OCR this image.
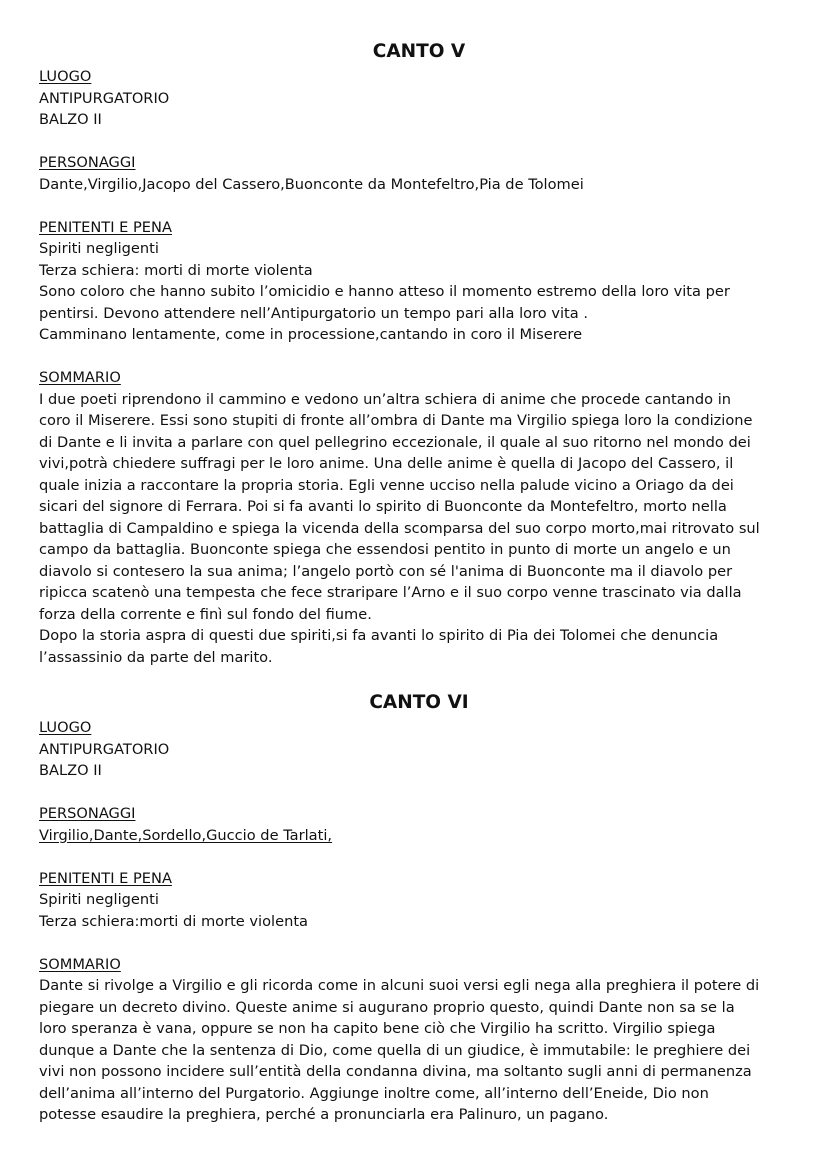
CANTO V

LUOGO

ANTIPURGATORIO

BALZO II

PERSONAGGI

Dante,Virgilio,Jacopo del Cassero,Buonconte da Montefeltro,Pia de Tolomei

PENITENTI E PENA

Spiriti negligenti

Terza schiera: morti di morte violenta

Sono coloro che hanno subito l’omicidio e hanno atteso il momento estremo della loro vita per

pentirsi. Devono attendere nell’Antipurgatorio un tempo pari alla loro vita .

Camminano lentamente, come in processione,cantando in coro il Miserere

SOMMARIO

I due poeti riprendono il cammino e vedono un’altra schiera di anime che procede cantando in

coro il Miserere. Essi sono stupiti di fronte all’ombra di Dante ma Virgilio spiega loro la condizione

di Dante e li invita a parlare con quel pellegrino eccezionale, il quale al suo ritorno nel mondo dei

vivi,potrà chiedere suffragi per le loro anime. Una delle anime è quella di Jacopo del Cassero, il

quale inizia a raccontare la propria storia. Egli venne ucciso nella palude vicino a Oriago da dei

sicari del signore di Ferrara. Poi si fa avanti lo spirito di Buonconte da Montefeltro, morto nella

battaglia di Campaldino e spiega la vicenda della scomparsa del suo corpo morto,mai ritrovato sul

campo da battaglia. Buonconte spiega che essendosi pentito in punto di morte un angelo e un

diavolo si contesero la sua anima; l’angelo portò con sé l'anima di Buonconte ma il diavolo per

ripicca scatenò una tempesta che fece straripare l’Arno e il suo corpo venne trascinato via dalla

forza della corrente e finì sul fondo del fiume.

Dopo la storia aspra di questi due spiriti,si fa avanti lo spirito di Pia dei Tolomei che denuncia

l’assassinio da parte del marito.

CANTO VI

LUOGO

ANTIPURGATORIO

BALZO II

PERSONAGGI

Virgilio,Dante,Sordello,Guccio de Tarlati,

PENITENTI E PENA

Spiriti negligenti

Terza schiera:morti di morte violenta

SOMMARIO

Dante si rivolge a Virgilio e gli ricorda come in alcuni suoi versi egli nega alla preghiera il potere di

piegare un decreto divino. Queste anime si augurano proprio questo, quindi Dante non sa se la

loro speranza è vana, oppure se non ha capito bene ciò che Virgilio ha scritto. Virgilio spiega

dunque a Dante che la sentenza di Dio, come quella di un giudice, è immutabile: le preghiere dei

vivi non possono incidere sull’entità della condanna divina, ma soltanto sugli anni di permanenza

dell’anima all’interno del Purgatorio. Aggiunge inoltre come, all’interno dell’Eneide, Dio non

potesse esaudire la preghiera, perché a pronunciarla era Palinuro, un pagano.
